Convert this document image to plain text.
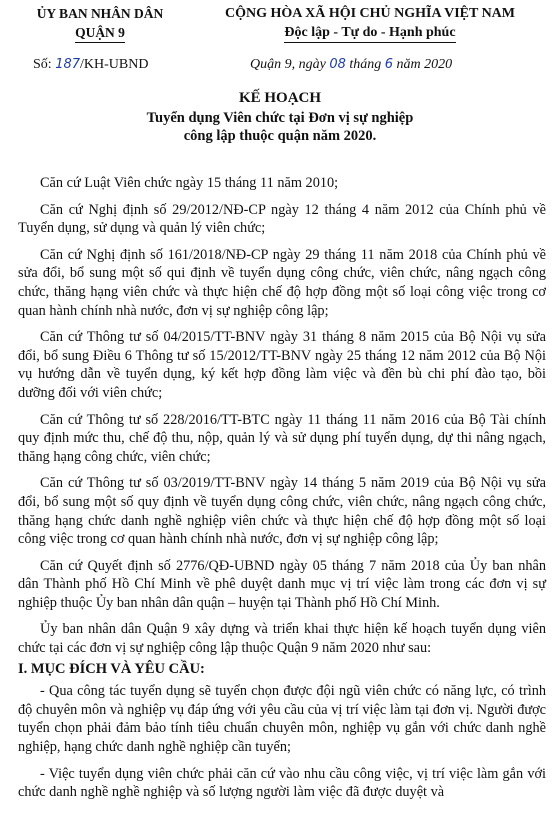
ỦY BAN NHÂN DÂN
QUẬN 9
CỘNG HÒA XÃ HỘI CHỦ NGHĨA VIỆT NAM
Độc lập - Tự do - Hạnh phúc
Số: 187/KH-UBND	Quận 9, ngày 08 tháng 6 năm 2020
KẾ HOẠCH
Tuyển dụng Viên chức tại Đơn vị sự nghiệp
công lập thuộc quận năm 2020.

Căn cứ Luật Viên chức ngày 15 tháng 11 năm 2010;

Căn cứ Nghị định số 29/2012/NĐ-CP ngày 12 tháng 4 năm 2012 của Chính phủ về Tuyển dụng, sử dụng và quản lý viên chức;

Căn cứ Nghị định số 161/2018/NĐ-CP ngày 29 tháng 11 năm 2018 của Chính phủ về sửa đổi, bổ sung một số qui định về tuyển dụng công chức, viên chức, nâng ngạch công chức, thăng hạng viên chức và thực hiện chế độ hợp đồng một số loại công việc trong cơ quan hành chính nhà nước, đơn vị sự nghiệp công lập;

Căn cứ Thông tư số 04/2015/TT-BNV ngày 31 tháng 8 năm 2015 của Bộ Nội vụ sửa đổi, bổ sung Điều 6 Thông tư số 15/2012/TT-BNV ngày 25 tháng 12 năm 2012 của Bộ Nội vụ hướng dẫn về tuyển dụng, ký kết hợp đồng làm việc và đền bù chi phí đào tạo, bồi dưỡng đối với viên chức;

Căn cứ Thông tư số 228/2016/TT-BTC ngày 11 tháng 11 năm 2016 của Bộ Tài chính quy định mức thu, chế độ thu, nộp, quản lý và sử dụng phí tuyển dụng, dự thi nâng ngạch, thăng hạng công chức, viên chức;

Căn cứ Thông tư số 03/2019/TT-BNV ngày 14 tháng 5 năm 2019 của Bộ Nội vụ sửa đổi, bổ sung một số quy định về tuyển dụng công chức, viên chức, nâng ngạch công chức, thăng hạng chức danh nghề nghiệp viên chức và thực hiện chế độ hợp đồng một số loại công việc trong cơ quan hành chính nhà nước, đơn vị sự nghiệp công lập;

Căn cứ Quyết định số 2776/QĐ-UBND ngày 05 tháng 7 năm 2018 của Ủy ban nhân dân Thành phố Hồ Chí Minh về phê duyệt danh mục vị trí việc làm trong các đơn vị sự nghiệp thuộc Ủy ban nhân dân quận – huyện tại Thành phố Hồ Chí Minh.

Ủy ban nhân dân Quận 9 xây dựng và triển khai thực hiện kế hoạch tuyển dụng viên chức tại các đơn vị sự nghiệp công lập thuộc Quận 9 năm 2020 như sau:

I. MỤC ĐÍCH VÀ YÊU CẦU:

- Qua công tác tuyển dụng sẽ tuyển chọn được đội ngũ viên chức có năng lực, có trình độ chuyên môn và nghiệp vụ đáp ứng với yêu cầu của vị trí việc làm tại đơn vị. Người được tuyển chọn phải đảm bảo tính tiêu chuẩn chuyên môn, nghiệp vụ gắn với chức danh nghề nghiệp, hạng chức danh nghề nghiệp cần tuyển;

- Việc tuyển dụng viên chức phải căn cứ vào nhu cầu công việc, vị trí việc làm gắn với chức danh nghề nghề nghiệp và số lượng người làm việc đã được duyệt và
